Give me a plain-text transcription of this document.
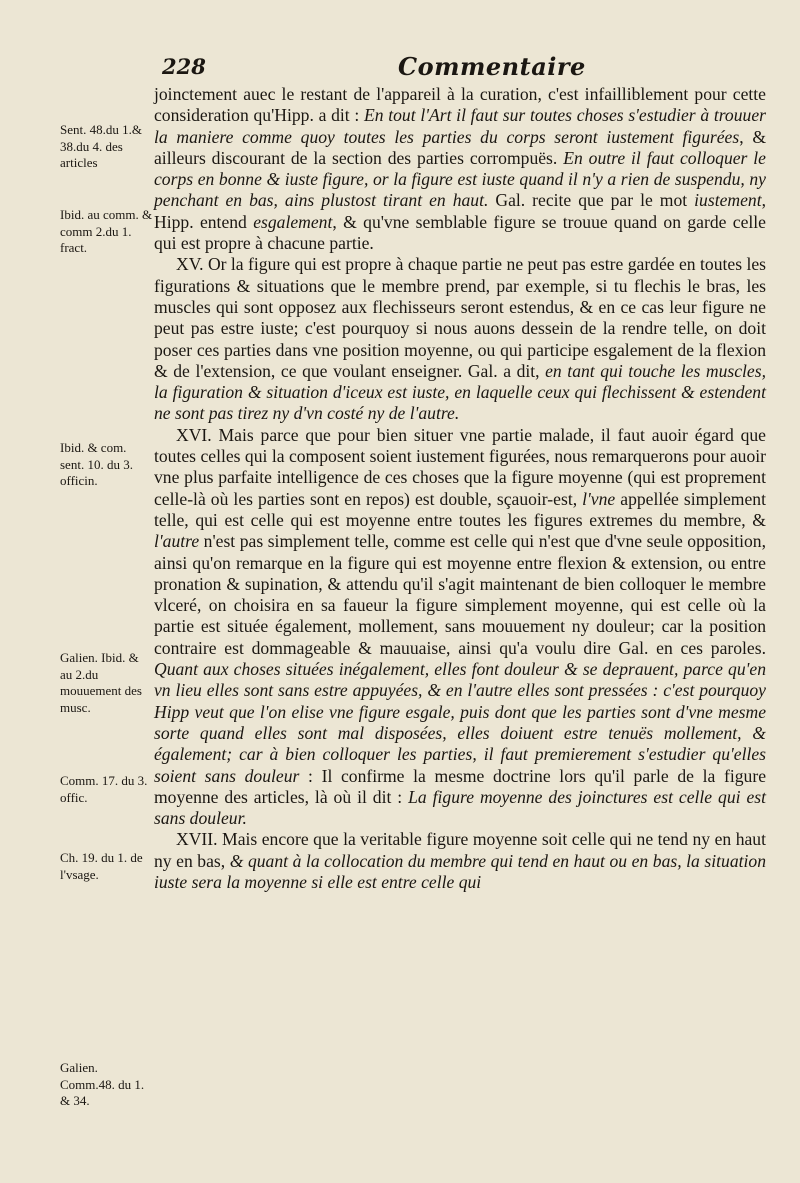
228	Commentaire
Sent. 48.du 1.& 38.du 4. des articles
Ibid. au comm. & comm 2.du 1. fract.
Ibid. & com. sent. 10. du 3. officin.
Galien. Ibid. & au 2.du mouuement des musc.
Comm. 17. du 3. offic.
Ch. 19. du 1. de l'vsage.
Galien. Comm.48. du 1. & 34.

joinctement auec le restant de l'appareil à la curation, c'est infailliblement pour cette consideration qu'Hipp. a dit : En tout l'Art il faut sur toutes choses s'estudier à trouuer la maniere comme quoy toutes les parties du corps seront iustement figurées, & ailleurs discourant de la section des parties corrompuës. En outre il faut colloquer le corps en bonne & iuste figure, or la figure est iuste quand il n'y a rien de suspendu, ny penchant en bas, ains plustost tirant en haut. Gal. recite que par le mot iustement, Hipp. entend esgalement, & qu'vne semblable figure se trouue quand on garde celle qui est propre à chacune partie.

XV. Or la figure qui est propre à chaque partie ne peut pas estre gardée en toutes les figurations & situations que le membre prend, par exemple, si tu flechis le bras, les muscles qui sont opposez aux flechisseurs seront estendus, & en ce cas leur figure ne peut pas estre iuste; c'est pourquoy si nous auons dessein de la rendre telle, on doit poser ces parties dans vne position moyenne, ou qui participe esgalement de la flexion & de l'extension, ce que voulant enseigner. Gal. a dit, en tant qui touche les muscles, la figuration & situation d'iceux est iuste, en laquelle ceux qui flechissent & estendent ne sont pas tirez ny d'vn costé ny de l'autre.

XVI. Mais parce que pour bien situer vne partie malade, il faut auoir égard que toutes celles qui la composent soient iustement figurées, nous remarquerons pour auoir vne plus parfaite intelligence de ces choses que la figure moyenne (qui est proprement celle-là où les parties sont en repos) est double, sçauoir-est, l'vne appellée simplement telle, qui est celle qui est moyenne entre toutes les figures extremes du membre, & l'autre n'est pas simplement telle, comme est celle qui n'est que d'vne seule opposition, ainsi qu'on remarque en la figure qui est moyenne entre flexion & extension, ou entre pronation & supination, & attendu qu'il s'agit maintenant de bien colloquer le membre vlceré, on choisira en sa faueur la figure simplement moyenne, qui est celle où la partie est située également, mollement, sans mouuement ny douleur; car la position contraire est dommageable & mauuaise, ainsi qu'a voulu dire Gal. en ces paroles. Quant aux choses situées inégalement, elles font douleur & se deprauent, parce qu'en vn lieu elles sont sans estre appuyées, & en l'autre elles sont pressées : c'est pourquoy Hipp veut que l'on elise vne figure esgale, puis dont que les parties sont d'vne mesme sorte quand elles sont mal disposées, elles doiuent estre tenuës mollement, & également; car à bien colloquer les parties, il faut premierement s'estudier qu'elles soient sans douleur : Il confirme la mesme doctrine lors qu'il parle de la figure moyenne des articles, là où il dit : La figure moyenne des joinctures est celle qui est sans douleur.

XVII. Mais encore que la veritable figure moyenne soit celle qui ne tend ny en haut ny en bas, & quant à la collocation du membre qui tend en haut ou en bas, la situation iuste sera la moyenne si elle est entre celle qui
